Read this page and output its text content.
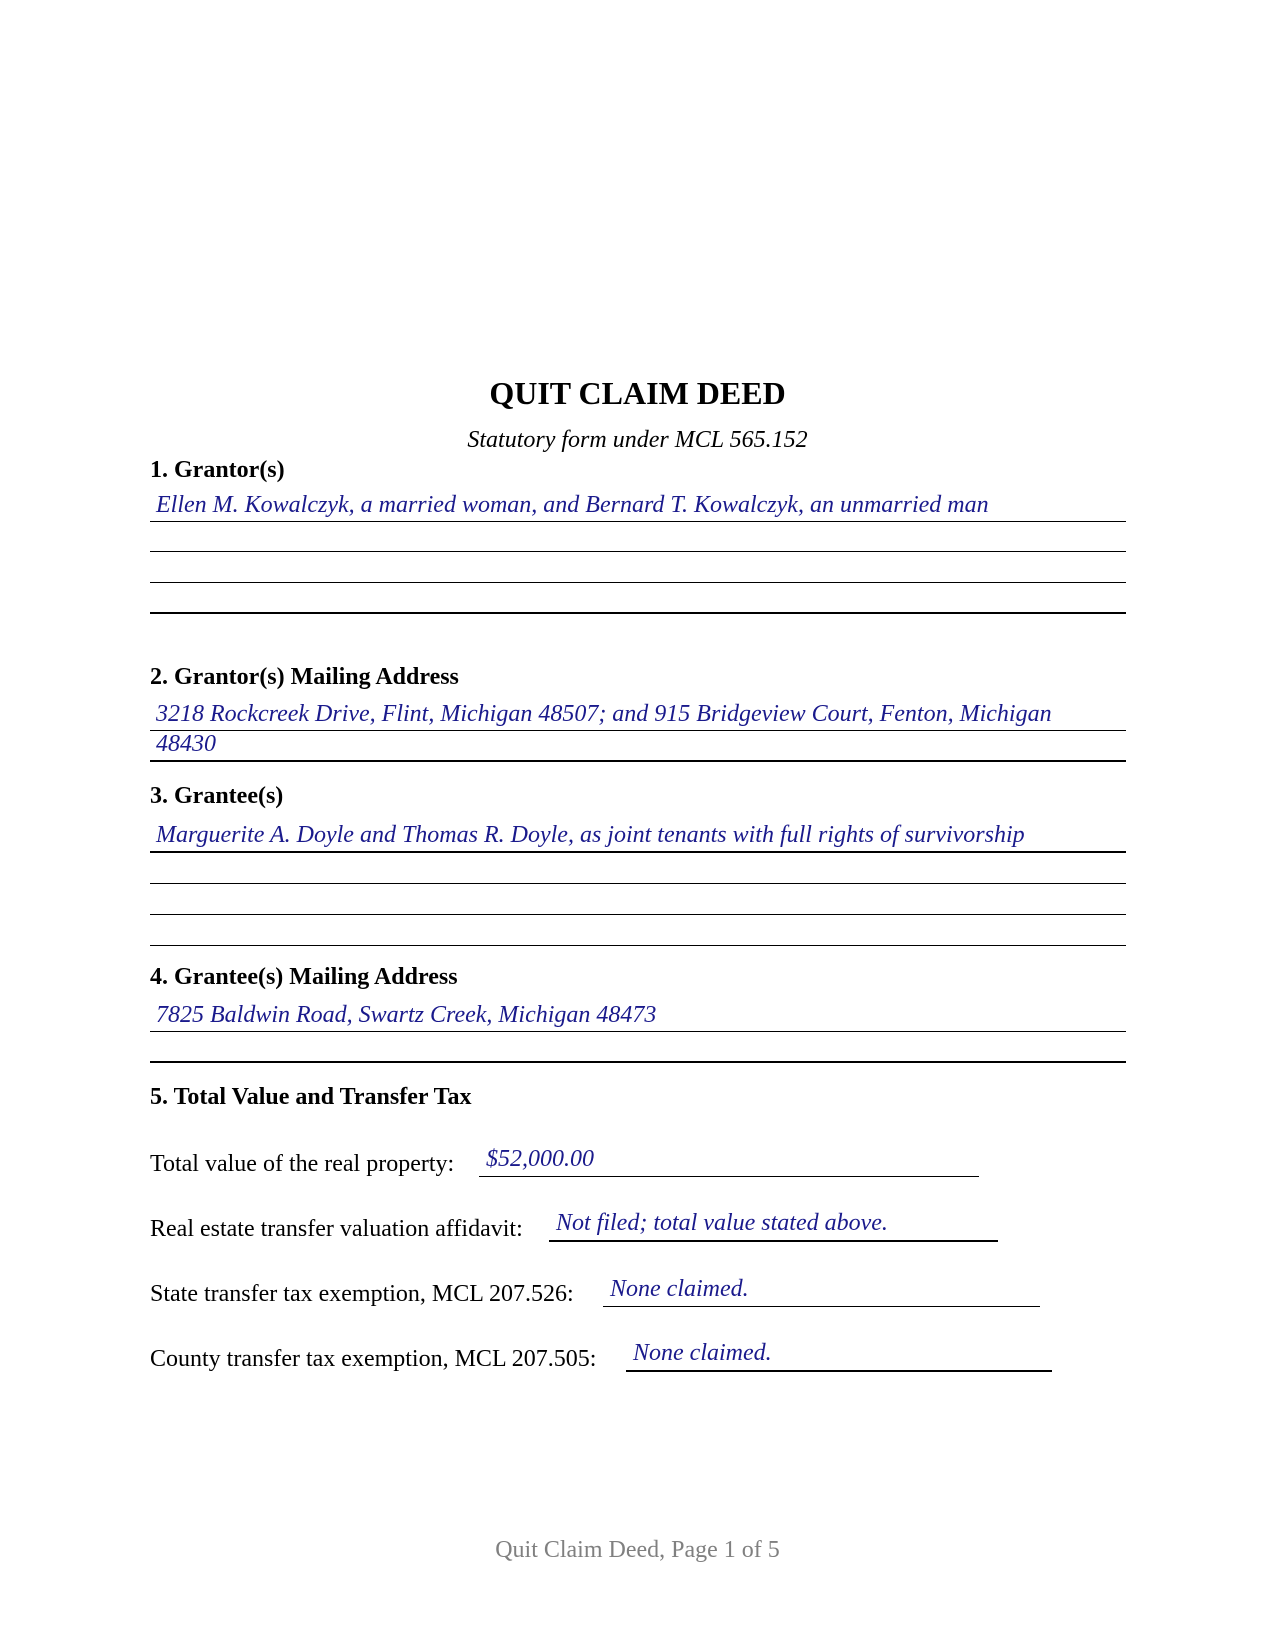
QUIT CLAIM DEED
Statutory form under MCL 565.152
1. Grantor(s)
Ellen M. Kowalczyk, a married woman, and Bernard T. Kowalczyk, an unmarried man
2. Grantor(s) Mailing Address
3218 Rockcreek Drive, Flint, Michigan 48507; and 915 Bridgeview Court, Fenton, Michigan
48430
3. Grantee(s)
Marguerite A. Doyle and Thomas R. Doyle, as joint tenants with full rights of survivorship
4. Grantee(s) Mailing Address
7825 Baldwin Road, Swartz Creek, Michigan 48473
5. Total Value and Transfer Tax
Total value of the real property: $52,000.00
Real estate transfer valuation affidavit: Not filed; total value stated above.
State transfer tax exemption, MCL 207.526: None claimed.
County transfer tax exemption, MCL 207.505: None claimed.
Quit Claim Deed, Page 1 of 5
